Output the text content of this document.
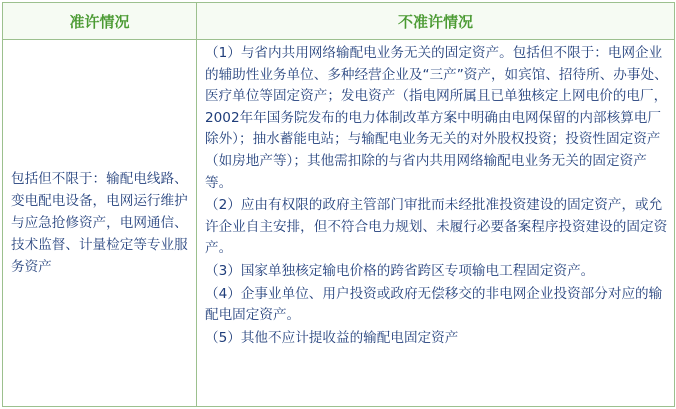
准许情况	不准许情况
包括但不限于：输配电线路、变电配电设备，电网运行维护与应急抢修资产，电网通信、技术监督、计量检定等专业服务资产	（1）与省内共用网络输配电业务无关的固定资产。包括但不限于：电网企业的辅助性业务单位、多种经营企业及“三产”资产，如宾馆、招待所、办事处、医疗单位等固定资产；发电资产（指电网所属且已单独核定上网电价的电厂，2002年年国务院发布的电力体制改革方案中明确由电网保留的内部核算电厂除外）；抽水蓄能电站；与输配电业务无关的对外股权投资；投资性固定资产（如房地产等）；其他需扣除的与省内共用网络输配电业务无关的固定资产等。

（2）应由有权限的政府主管部门审批而未经批准投资建设的固定资产，或允许企业自主安排，但不符合电力规划、未履行必要备案程序投资建设的固定资产。

（3）国家单独核定输电价格的跨省跨区专项输电工程固定资产。

（4）企事业单位、用户投资或政府无偿移交的非电网企业投资部分对应的输配电固定资产。

（5）其他不应计提收益的输配电固定资产
